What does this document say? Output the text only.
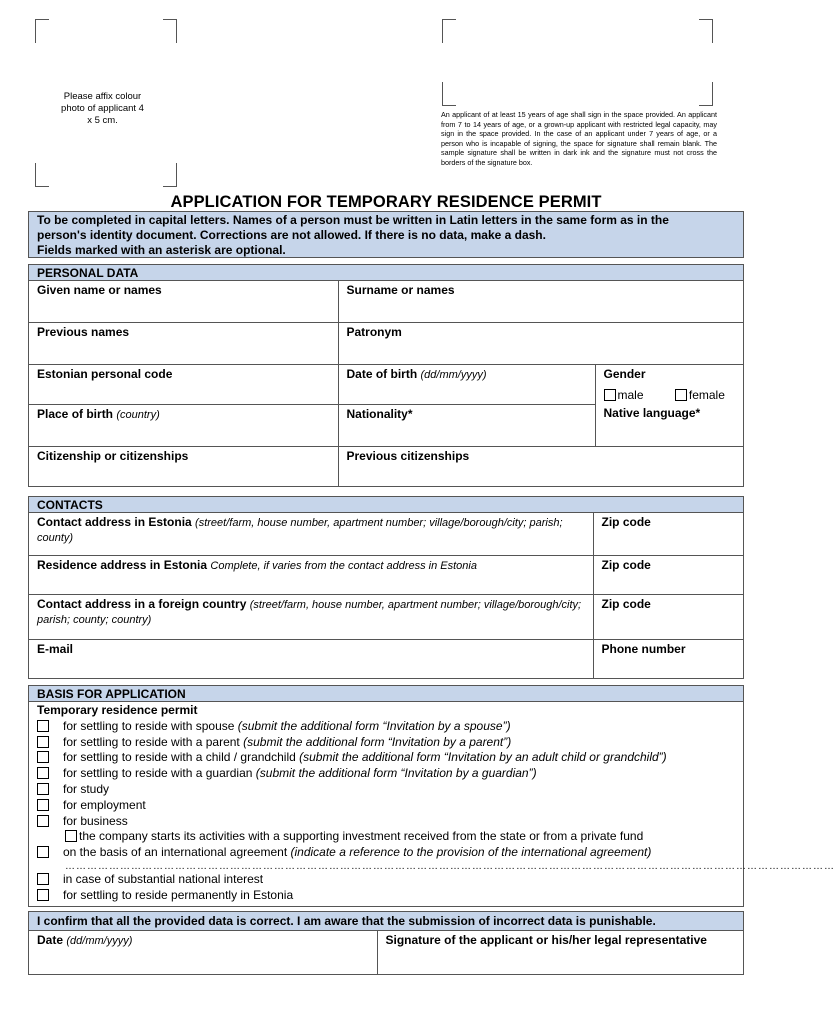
Please affix colour photo of applicant 4 x 5 cm.
An applicant of at least 15 years of age shall sign in the space provided. An applicant from 7 to 14 years of age, or a grown-up applicant with restricted legal capacity, may sign in the space provided. In the case of an applicant under 7 years of age, or a person who is incapable of signing, the space for signature shall remain blank. The sample signature shall be written in dark ink and the signature must not cross the borders of the signature box.
APPLICATION FOR TEMPORARY RESIDENCE PERMIT
To be completed in capital letters. Names of a person must be written in Latin letters in the same form as in the
person's identity document. Corrections are not allowed. If there is no data, make a dash.
Fields marked with an asterisk are optional.
PERSONAL DATA
Given name or names	Surname or names	
Previous names	Patronym	
Estonian personal code	Date of birth (dd/mm/yyyy)	Gender
male female

Place of birth (country)	Nationality*	Native language*
Citizenship or citizenships	Previous citizenships	
CONTACTS
Contact address in Estonia (street/farm, house number, apartment number; village/borough/city; parish; county)	Zip code
Residence address in Estonia Complete, if varies from the contact address in Estonia	Zip code
Contact address in a foreign country (street/farm, house number, apartment number; village/borough/city; parish; county; country)	Zip code
E-mail	Phone number
BASIS FOR APPLICATION
Temporary residence permit
for settling to reside with spouse (submit the additional form “Invitation by a spouse”)
for settling to reside with a parent (submit the additional form “Invitation by a parent”)
for settling to reside with a child / grandchild (submit the additional form “Invitation by an adult child or grandchild”)
for settling to reside with a guardian (submit the additional form “Invitation by a guardian”)
for study
for employment
for business
the company starts its activities with a supporting investment received from the state or from a private fund
on the basis of an international agreement (indicate a reference to the provision of the international agreement)
…………………………………………………………………………………………………………………………………………………………………………………………
in case of substantial national interest
for settling to reside permanently in Estonia
I confirm that all the provided data is correct. I am aware that the submission of incorrect data is punishable.
Date (dd/mm/yyyy)	Signature of the applicant or his/her legal representative
